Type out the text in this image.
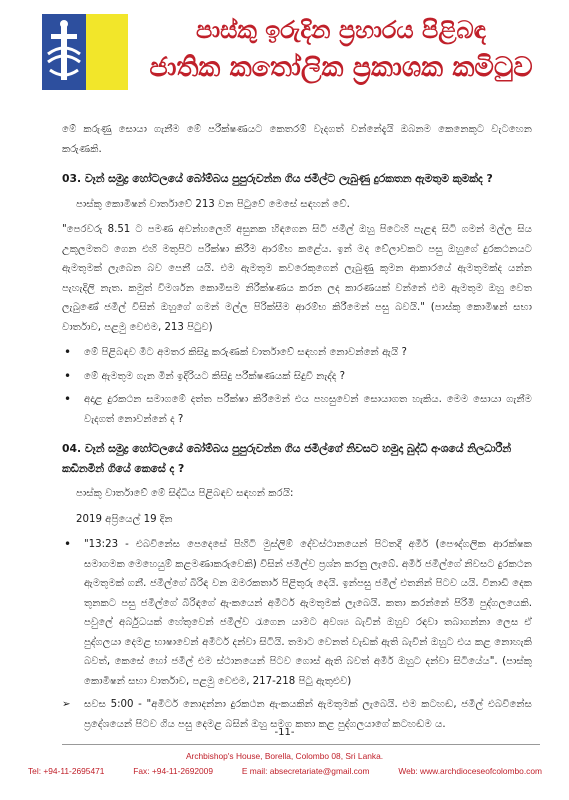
පාස්කු ඉරුදින ප්‍රහාරය පිළිබඳ
ජාතික කතෝලික ප්‍රකාශක කමිටුව

මේ කරුණු සොයා ගැනීම මේ පරීක්ෂණයට කෙතරම් වැදගත් වන්නේදැයි ඔබනම කෙනෙකුට වැටහෙන කරුණකි.

03. වෑන් සමුද්‍ර හෝටලයේ බෝම්බය පුපුරුවන්න ගිය ජමීල්ට ලැබුණු දුරකතන ඇමතුම කුමක්ද ?

පාස්කු කොමිෂන් වාර්තාවේ 213 වන පිටුවේ මෙසේ සඳහන් වේ.

"පෙරවරු 8.51 ට පමණ අවන්හලෙහි අසුනක හිඳගෙන සිටි ජමීල් ඔහු පිටෙහි පැළඳ සිටි ගමන් මල්ල සිය උකුලමතට ගෙන එහි මතුපිට පරීක්ෂා කිරීම ආරම්භ කළේය. ඉන් මද වේලාවකට පසු ඔහුගේ දුරකථනයට ඇමතුමක් ලැබෙන බව පෙනී යයි. එම ඇමතුම කවරෙකුගෙන් ලැබුණු කුමන ආකාරයේ ඇමතුමක්ද යන්න පැහැදිලි නැත. කමුත් විමර්ශන කොමිසම නිරීක්ෂණය කරන ලද කාරණයක් වන්නේ එම ඇමතුම ඔහු වෙත ලැබුණේ ජමීල් විසින් ඔහුගේ ගමන් මල්ල පිරික්සීම ආරම්භ කිරීමෙන් පසු බවයි." (පාස්කු කොමිෂන් සභා වාර්තාව, පළමු වෙළුම, 213 පිටුව)

• මේ පිළිබඳව මීට අමතර කිසිදු කරුණක් වාර්තාවේ සඳහන් නොවන්නේ ඇයි ?
• මේ ඇමතුම ගැන මින් ඉදිරියට කිසිදු පරීක්ෂණයක් සිදුවී නැද්ද ?
• අදාළ දුරකථන සමාගමේ දත්ත පරීක්ෂා කිරීමෙන් එය පහසුවෙන් සොයාගත හැකිය. මෙම සොයා ගැනීම වැදගත් නොවන්නේ ද ?

04. වෑන් සමුද්‍ර හෝටලයේ බෝම්බය පුපුරුවන්න ගිය ජමීල්ගේ නිවසට හමුදා බුද්ධි අංශයේ නිලධාරීන් කඩිනමින් ගියේ කෙසේ ද ?

පාස්කු වාර්තාවේ මේ සිද්ධිය පිළිබඳව සඳහන් කරයි:

2019 අප්‍රියෙල් 19 දින

• "13:23 - එබවිනේස පෙදෙසේ පිහිටි මුස්ලිම් දේවස්ථානයෙන් පිටතදී අමීර් (පෞද්ගලික ආරක්ෂක සමාගමක මෙහෙයුම් කළමණාකරුවෙකි) විසින් ජමීල්ව ප්‍රශ්න කරනු ලැබේ. අමීර් ජමීල්ගේ නිවසට දුරකථන ඇමතුමක් ගනී. ජමීල්ගේ බිරිඳ වන ඔමරකතාර් පිළිතුරු දෙයි. ඉන්පසු ජමීල් එතනින් පිටව යයි. විනාඩි දෙක තුනකට පසු ජමීල්ගේ බිරිඳගේ ඇංකයෙන් අමීර්ට ඇමතුමක් ලැබෙයි. කතා කරන්නේ පිරිමි පුද්ගලයෙකි. පවුලේ අර්බුධයක් හේතුවෙන් ජමීල්ව රැගෙන යාමට අවශ්‍ය බැවින් ඔහුව රඳවා තබාගන්නා ලෙස ඒ පුද්ගලයා දෙමළ භාෂාවෙන් අමීර්ට දන්වා සිටියි. තමාට වෙනත් වැඩක් ඇති බැවින් ඔහුට එය කළ නොහැකි බවත්, කෙසේ හෝ ජමීල් එම ස්ථානයෙන් පිටව ගොස් ඇති බවත් අමීර් ඔහුට දන්වා සිටියේය". (පාස්කු කොමිෂන් සභා වාර්තාව, පළමු වෙළුම, 217-218 පිටු ඇතුළුව)
➢ සවස 5:00 - "අමීර්ට නොදන්නා දුරකථන ඇංකයකින් ඇමතුමක් ලැබෙයි. එම කටහඬ, ජමීල් එබවිනේස ප්‍රදේශයෙන් පිටව ගිය පසු දෙමළ බසින් ඔහු සමග කතා කළ පුද්ගලයාගේ කටහඬම ය.
-11-
Archbishop's House, Borella, Colombo 08, Sri Lanka.
Tel: +94-11-2695471	Fax: +94-11-2692009	E mail: absecretariate@gmail.com	Web: www.archdioceseofcolombo.com
